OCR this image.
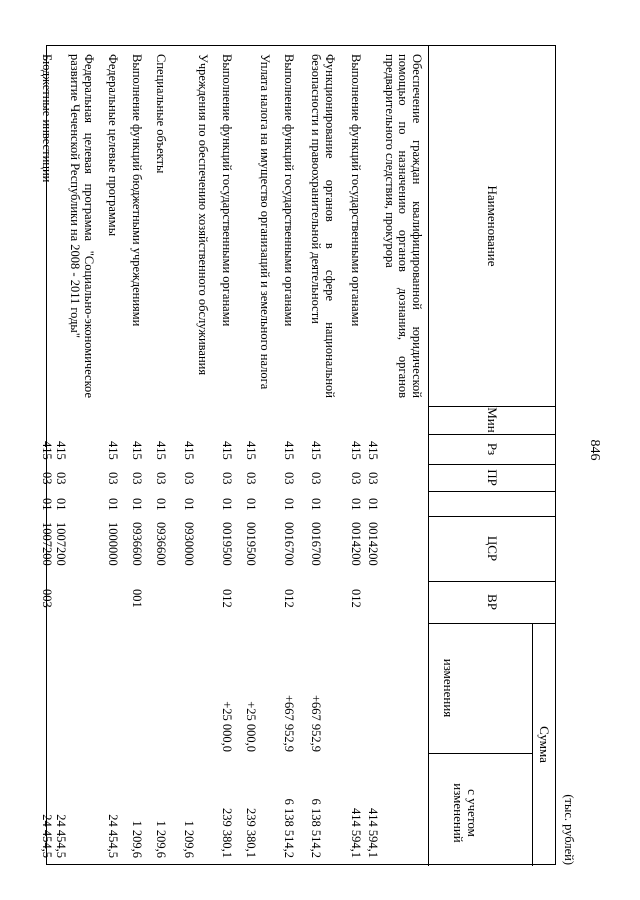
846
(тыс. рублей)
Наименование
Мин
Рз
ПР
ЦСР
ВР
Сумма
изменения
с учетом изменений
Обеспечение граждан квалифицированной юридической помощью по назначению органов дознания, органов предварительного следствия, прокурора
415
03
01
0014200
414 594,1
Выполнение функций государственными органами
415
03
01
0014200
012
414 594,1
Функционирование органов в сфере национальной безопасности и правоохранительной деятельности
415
03
01
0016700
+667 952,9
6 138 514,2
Выполнение функций государственными органами
415
03
01
0016700
012
+667 952,9
6 138 514,2
Уплата налога на имущество организаций и земельного налога
415
03
01
0019500
+25 000,0
239 380,1
Выполнение функций государственными органами
415
03
01
0019500
012
+25 000,0
239 380,1
Учреждения по обеспечению хозяйственного обслуживания
415
03
01
0930000
1 209,6
Специальные объекты
415
03
01
0936600
1 209,6
Выполнение функций бюджетными учреждениями
415
03
01
0936600
001
1 209,6
Федеральные целевые программы
415
03
01
1000000
24 454,5
Федеральная целевая программа "Социально-экономическое развитие Чеченской Республики на 2008 - 2011 годы"
415
03
01
1007200
24 454,5
Бюджетные инвестиции
415
03
01
1007200
003
24 454,5
